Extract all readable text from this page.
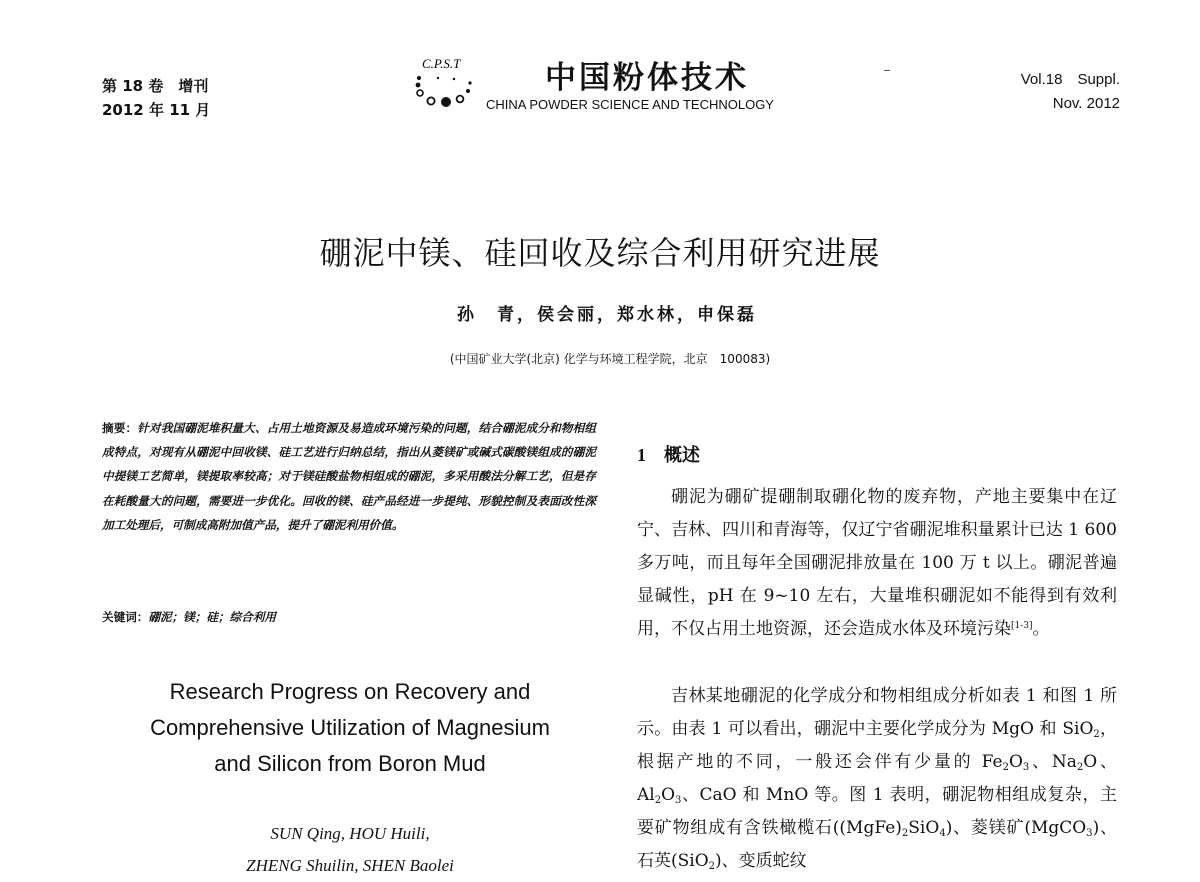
第 18 卷　增刊
2012 年 11 月
C.P.S.T	中国粉体技术
CHINA POWDER SCIENCE AND TECHNOLOGY
Vol.18　Suppl.
Nov. 2012
硼泥中镁、硅回收及综合利用研究进展
孙　青，侯会丽，郑水林，申保磊
(中国矿业大学(北京) 化学与环境工程学院，北京　100083)

摘要：针对我国硼泥堆积量大、占用土地资源及易造成环境污染的问题，结合硼泥成分和物相组成特点，对现有从硼泥中回收镁、硅工艺进行归纳总结，指出从菱镁矿或碱式碳酸镁组成的硼泥中提镁工艺简单，镁提取率较高；对于镁硅酸盐物相组成的硼泥，多采用酸法分解工艺，但是存在耗酸量大的问题，需要进一步优化。回收的镁、硅产品经进一步提纯、形貌控制及表面改性深加工处理后，可制成高附加值产品，提升了硼泥利用价值。

关键词：硼泥；镁；硅；综合利用

Research Progress on Recovery and
Comprehensive Utilization of Magnesium
and Silicon from Boron Mud
SUN Qing, HOU Huili,
ZHENG Shuilin, SHEN Baolei
1 概述

硼泥为硼矿提硼制取硼化物的废弃物，产地主要集中在辽宁、吉林、四川和青海等，仅辽宁省硼泥堆积量累计已达 1 600 多万吨，而且每年全国硼泥排放量在 100 万 t 以上。硼泥普遍显碱性，pH 在 9~10 左右，大量堆积硼泥如不能得到有效利用，不仅占用土地资源，还会造成水体及环境污染[1-3]。

吉林某地硼泥的化学成分和物相组成分析如表 1 和图 1 所示。由表 1 可以看出，硼泥中主要化学成分为 MgO 和 SiO$_2$，根据产地的不同，一般还会伴有少量的 $Fe_2O_3$、$Na_2O$、$Al_2O_3$、CaO 和 MnO 等。图 1 表明，硼泥物相组成复杂，主要矿物组成有含铁橄榄石$((MgFe)_2SiO_4)$、菱镁矿(MgCO$_3$)、石英(SiO$_2$)、变质蛇纹
